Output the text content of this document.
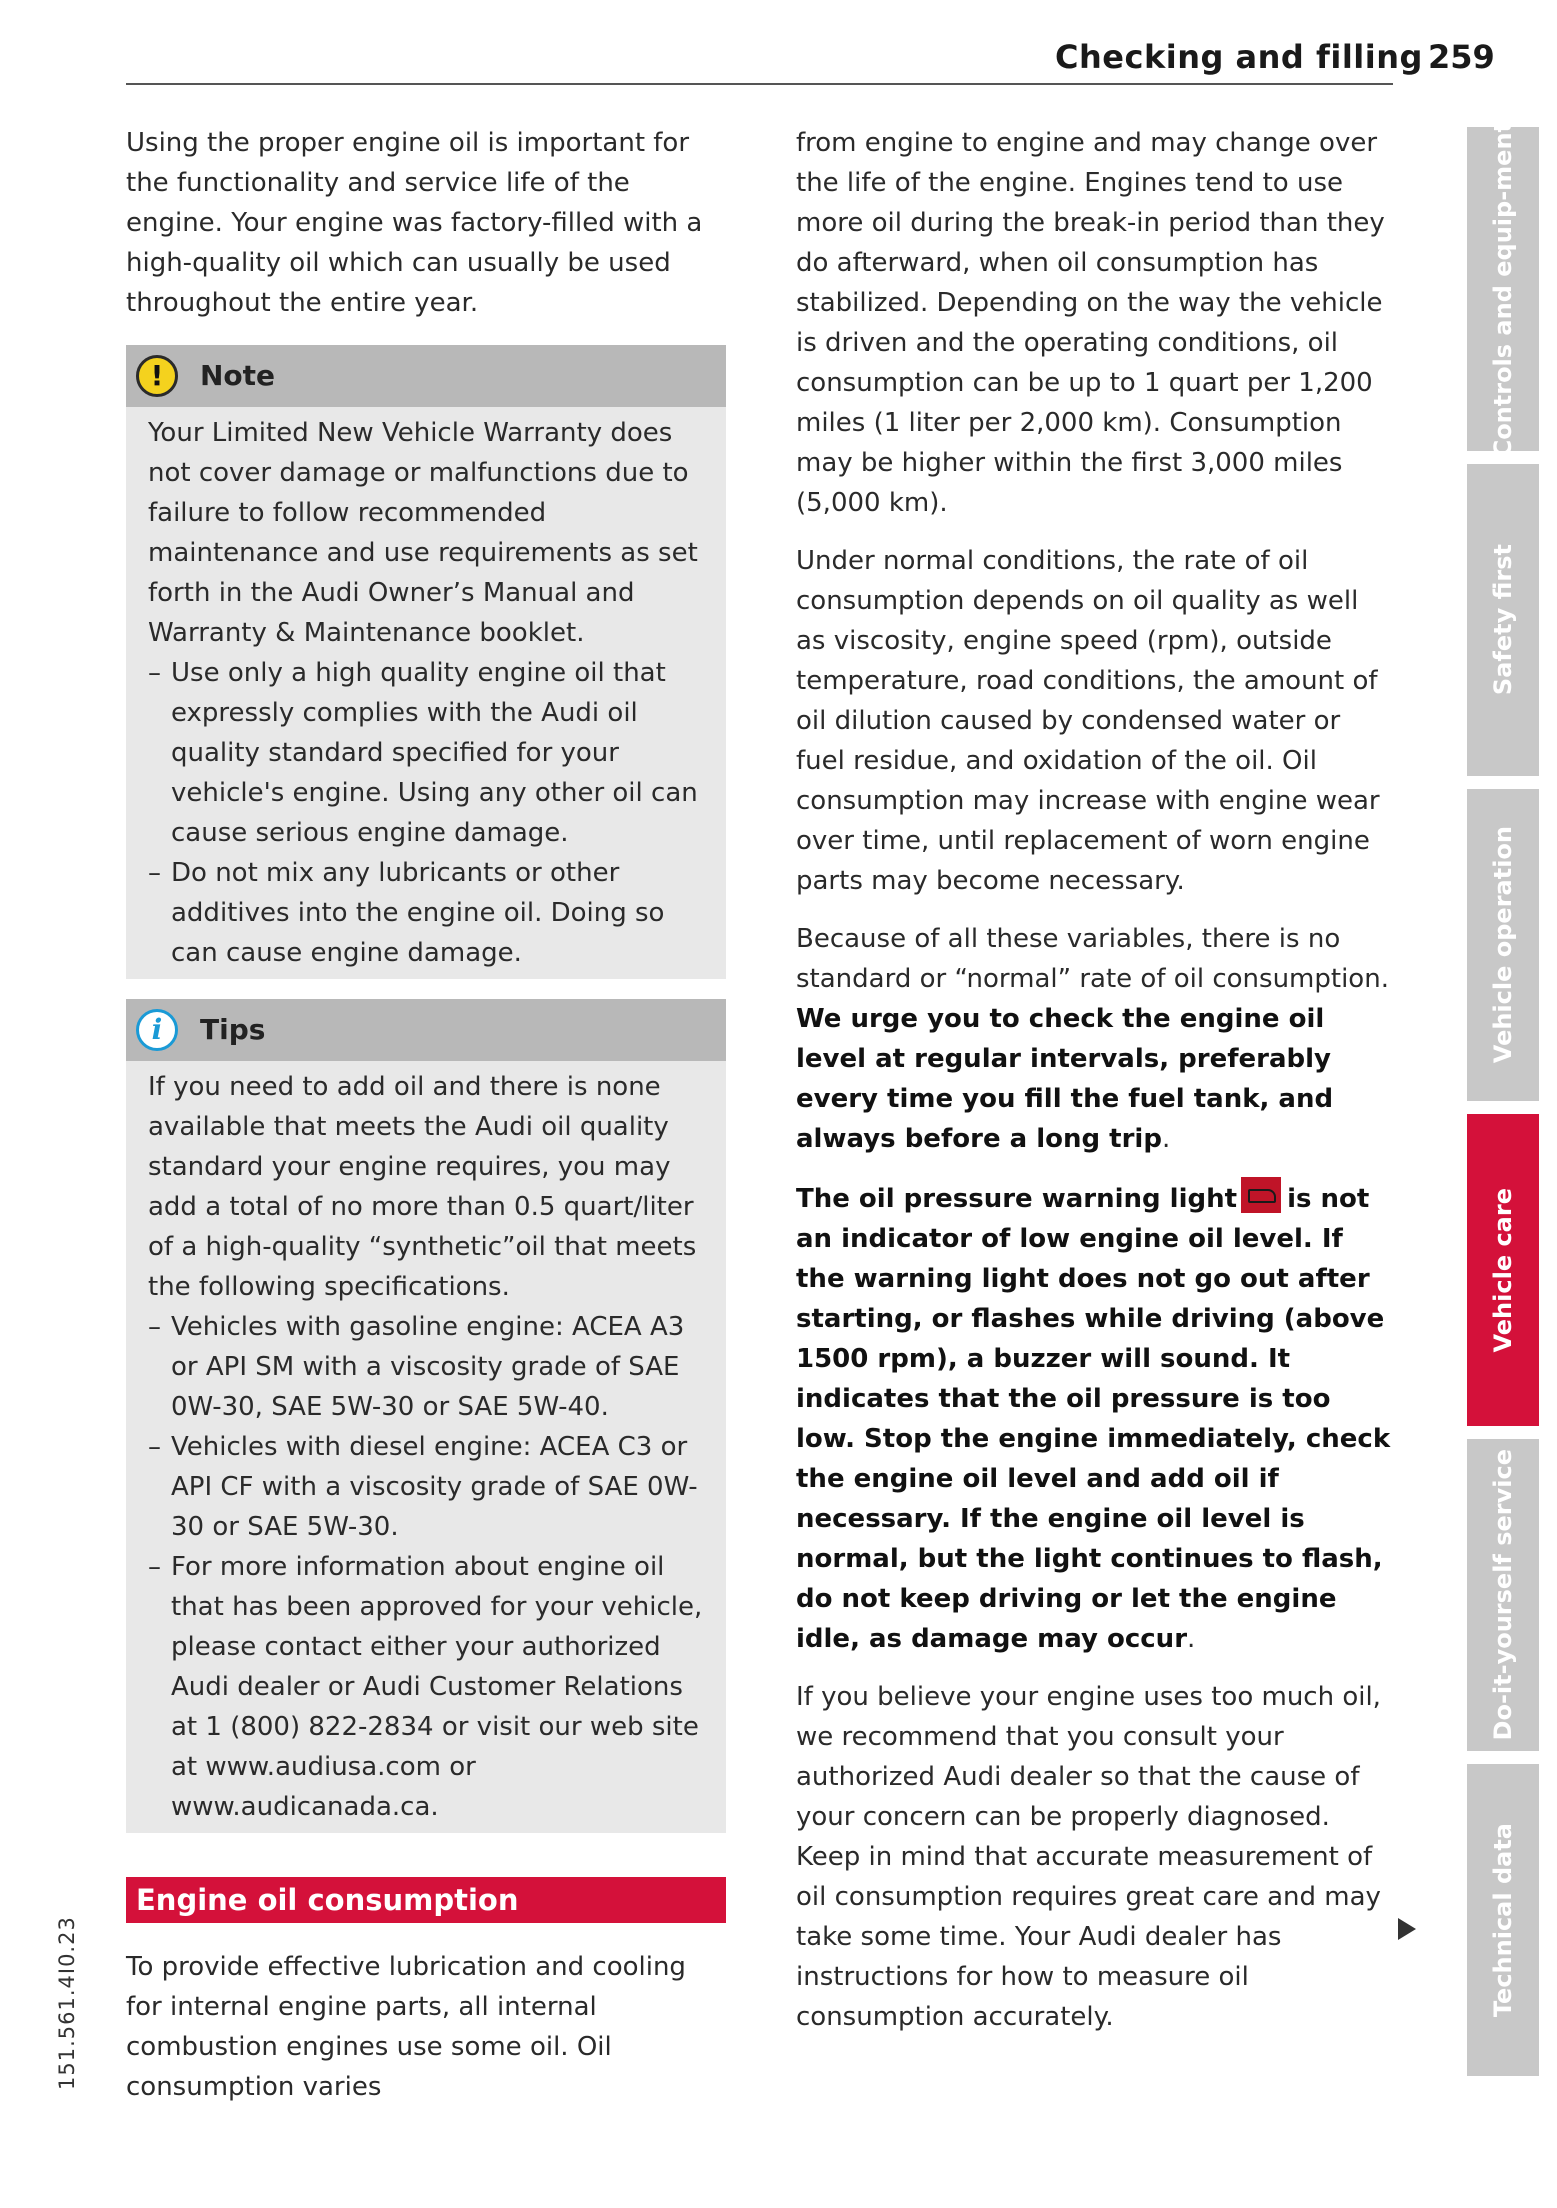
Checking and filling 259

Using the proper engine oil is important for the functionality and service life of the engine. Your engine was factory-filled with a high-quality oil which can usually be used throughout the entire year.

!	Note

Your Limited New Vehicle Warranty does not cover damage or malfunctions due to failure to follow recommended maintenance and use requirements as set forth in the Audi Owner’s Manual and Warranty & Maintenance booklet.

– Use only a high quality engine oil that expressly complies with the Audi oil quality standard specified for your vehicle's engine. Using any other oil can cause serious engine damage.
– Do not mix any lubricants or other additives into the engine oil. Doing so can cause engine damage.
i	Tips

If you need to add oil and there is none available that meets the Audi oil quality standard your engine requires, you may add a total of no more than 0.5 quart/liter of a high-quality “synthetic”oil that meets the following specifications.

– Vehicles with gasoline engine: ACEA A3 or API SM with a viscosity grade of SAE 0W-30, SAE 5W-30 or SAE 5W-40.
– Vehicles with diesel engine: ACEA C3 or API CF with a viscosity grade of SAE 0W-30 or SAE 5W-30.
– For more information about engine oil that has been approved for your vehicle, please contact either your authorized Audi dealer or Audi Customer Relations at 1 (800) 822-2834 or visit our web site at www.audiusa.com or www.audicanada.ca.
Engine oil consumption

To provide effective lubrication and cooling for internal engine parts, all internal combustion engines use some oil. Oil consumption varies

from engine to engine and may change over the life of the engine. Engines tend to use more oil during the break-in period than they do afterward, when oil consumption has stabilized. Depending on the way the vehicle is driven and the operating conditions, oil consumption can be up to 1 quart per 1,200 miles (1 liter per 2,000 km). Consumption may be higher within the first 3,000 miles (5,000 km).

Under normal conditions, the rate of oil consumption depends on oil quality as well as viscosity, engine speed (rpm), outside temperature, road conditions, the amount of oil dilution caused by condensed water or fuel residue, and oxidation of the oil. Oil consumption may increase with engine wear over time, until replacement of worn engine parts may become necessary.

Because of all these variables, there is no standard or “normal” rate of oil consumption. We urge you to check the engine oil level at regular intervals, preferably every time you fill the fuel tank, and always before a long trip.

The oil pressure warning light is not an indicator of low engine oil level. If the warning light does not go out after starting, or flashes while driving (above 1500 rpm), a buzzer will sound. It indicates that the oil pressure is too low. Stop the engine immediately, check the engine oil level and add oil if necessary. If the engine oil level is normal, but the light continues to flash, do not keep driving or let the engine idle, as damage may occur.

If you believe your engine uses too much oil, we recommend that you consult your authorized Audi dealer so that the cause of your concern can be properly diagnosed. Keep in mind that accurate measurement of oil consumption requires great care and may take some time. Your Audi dealer has instructions for how to measure oil consumption accurately.

Controls and equip-ment
Safety first
Vehicle operation
Vehicle care
Do-it-yourself service
Technical data
151.561.4I0.23
